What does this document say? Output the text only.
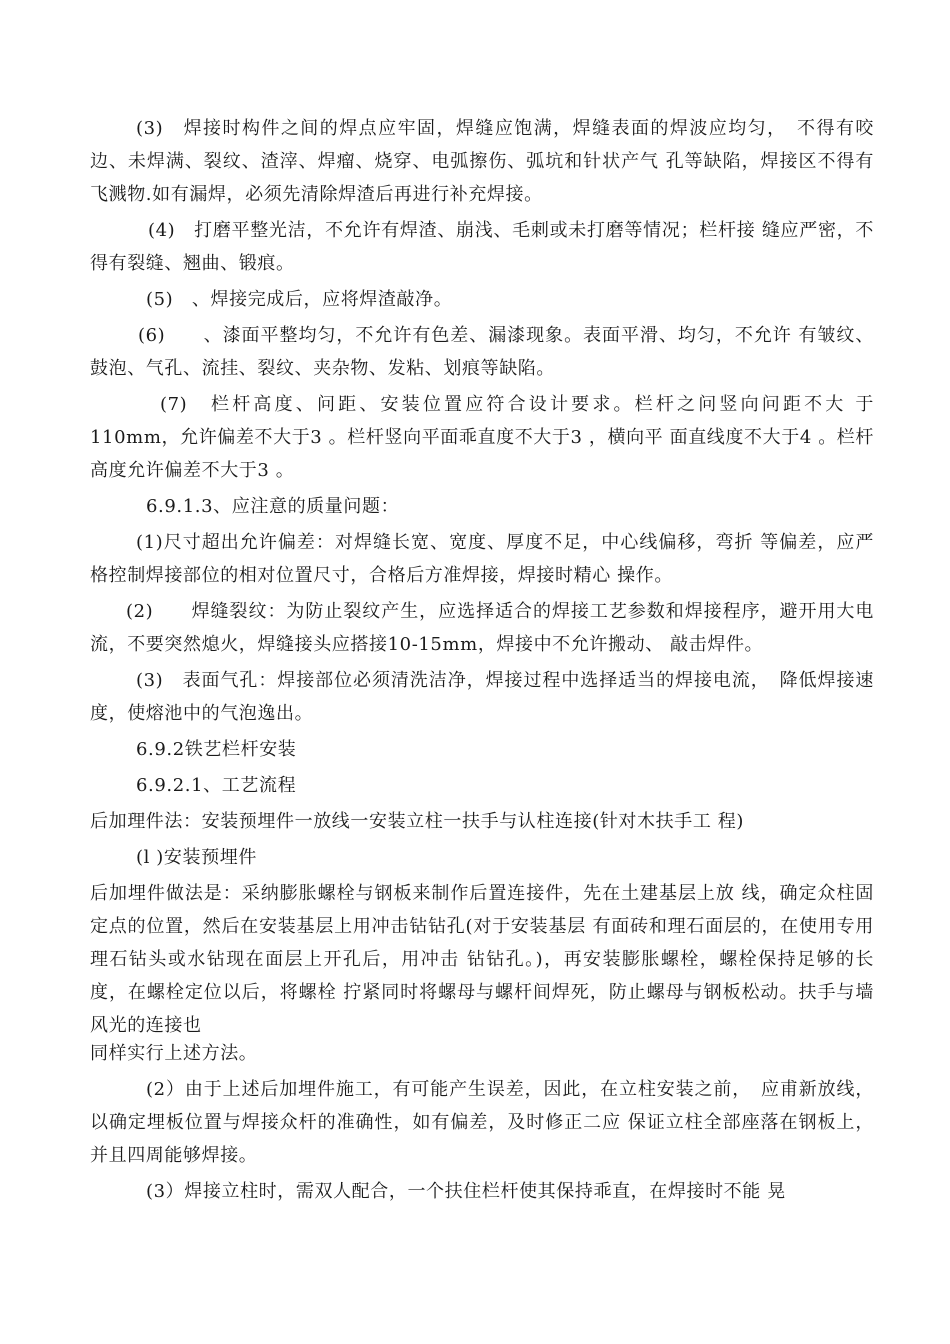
(3)　焊接时构件之间的焊点应牢固，焊缝应饱满，焊缝表面的焊波应均匀，　不得有咬边、未焊满、裂纹、渣滓、焊瘤、烧穿、电弧擦伤、弧坑和针状产气 孔等缺陷，焊接区不得有飞溅物.如有漏焊，必须先清除焊渣后再进行补充焊接。

(4)　打磨平整光洁，不允许有焊渣、崩浅、毛刺或未打磨等情况；栏杆接 缝应严密，不得有裂缝、翘曲、锻痕。

(5)　、焊接完成后，应将焊渣敲净。

(6)　　、漆面平整均匀，不允许有色差、漏漆现象。表面平滑、均匀，不允许 有皱纹、鼓泡、气孔、流挂、裂纹、夹杂物、发粘、划痕等缺陷。

(7)　栏杆高度、问距、安装位置应符合设计要求。栏杆之问竖向问距不大 于110mm，允许偏差不大于3 。栏杆竖向平面乖直度不大于3 ，横向平 面直线度不大于4 。栏杆高度允许偏差不大于3 。

6.9.1.3、应注意的质量问题：

(1)尺寸超出允许偏差：对焊缝长宽、宽度、厚度不足，中心线偏移，弯折 等偏差，应严格控制焊接部位的相对位置尺寸，合格后方准焊接，焊接时精心 操作。

(2)　　焊缝裂纹：为防止裂纹产生，应选择适合的焊接工艺参数和焊接程序，避开用大电流，不要突然熄火，焊缝接头应搭接10-15mm，焊接中不允许搬动、 敲击焊件。

(3)　表面气孔：焊接部位必须清洗洁净，焊接过程中选择适当的焊接电流，　降低焊接速度，使熔池中的气泡逸出。

6.9.2铁艺栏杆安装

6.9.2.1、工艺流程

后加理件法：安装预埋件一放线一安装立柱一扶手与认柱连接(针对木扶手工 程)

(l )安装预埋件

后加埋件做法是：采纳膨胀螺栓与钢板来制作后置连接件，先在土建基层上放 线，确定众柱固定点的位置，然后在安装基层上用冲击钻钻孔(对于安装基层 有面砖和理石面层的，在使用专用理石钻头或水钻现在面层上开孔后，用冲击 钻钻孔。)，再安装膨胀螺栓，螺栓保持足够的长度，在螺栓定位以后，将螺栓 拧紧同时将螺母与螺杆间焊死，防止螺母与钢板松动。扶手与墙风光的连接也

同样实行上述方法。

(2）由于上述后加埋件施工，有可能产生误差，因此，在立柱安装之前，　应甫新放线，以确定埋板位置与焊接众杆的准确性，如有偏差，及时修正二应 保证立柱全部座落在钢板上，并且四周能够焊接。

(3）焊接立柱时，需双人配合，一个扶住栏杆使其保持乖直，在焊接时不能 晃
